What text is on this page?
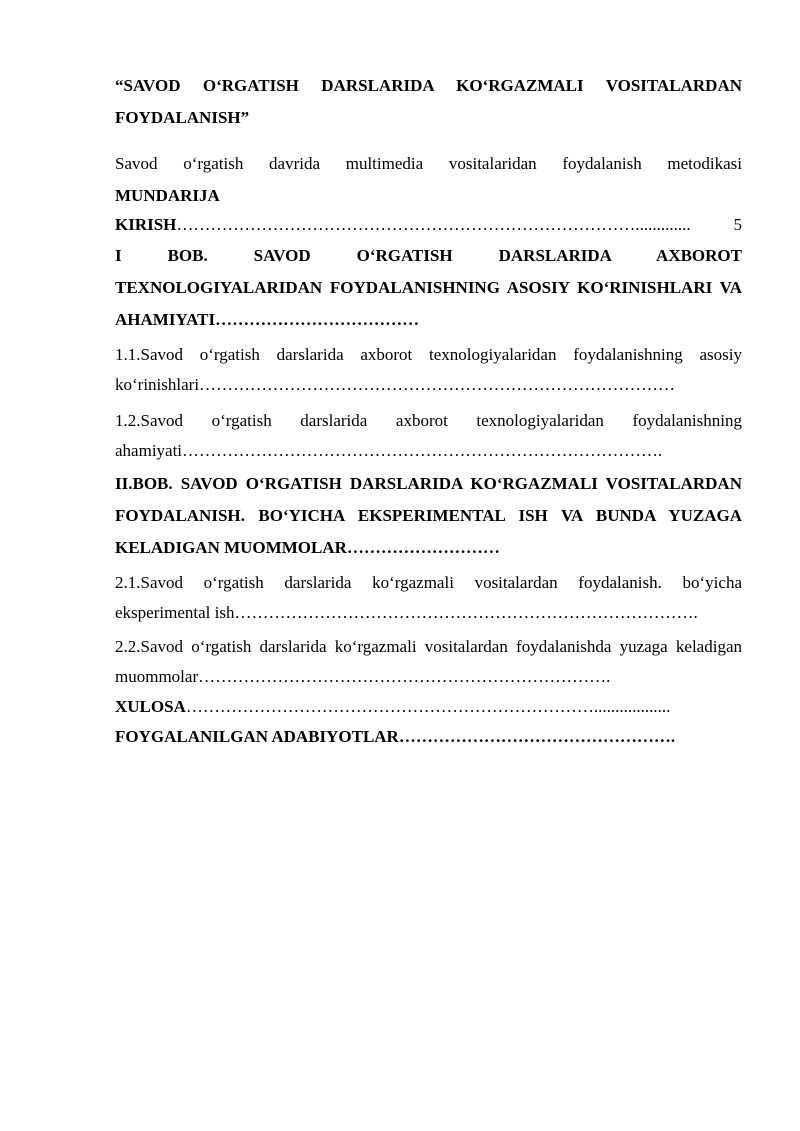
“SAVOD O‘RGATISH DARSLARIDA KO‘RGAZMALI VOSITALARDAN FOYDALANISH”

Savod o‘rgatish davrida multimedia vositalaridan foydalanish metodikasi

MUNDARIJA

KIRISH ……………………………………………………………………….............	5

I BOB. SAVOD O‘RGATISH DARSLARIDA AXBOROT TEXNOLOGIYALARIDAN FOYDALANISHNING ASOSIY KO‘RINISHLARI VA AHAMIYATI………………………………

1.1.Savod o‘rgatish darslarida axborot texnologiyalaridan foydalanishning asosiy ko‘rinishlari…………………………………………………………………………

1.2.Savod o‘rgatish darslarida axborot texnologiyalaridan foydalanishning ahamiyati………………………………………………………………………….

II.BOB. SAVOD O‘RGATISH DARSLARIDA KO‘RGAZMALI VOSITALARDAN FOYDALANISH. BO‘YICHA EKSPERIMENTAL ISH VA BUNDA YUZAGA KELADIGAN MUOMMOLAR………………………

2.1.Savod o‘rgatish darslarida ko‘rgazmali vositalardan foydalanish. bo‘yicha eksperimental ish……………………………………………………………………….

2.2.Savod o‘rgatish darslarida ko‘rgazmali vositalardan foydalanishda yuzaga keladigan muommolar……………………………………………………………….

XULOSA ………………………………………………………………..................

FOYGALANILGAN ADABIYOTLAR ………………………………………….
